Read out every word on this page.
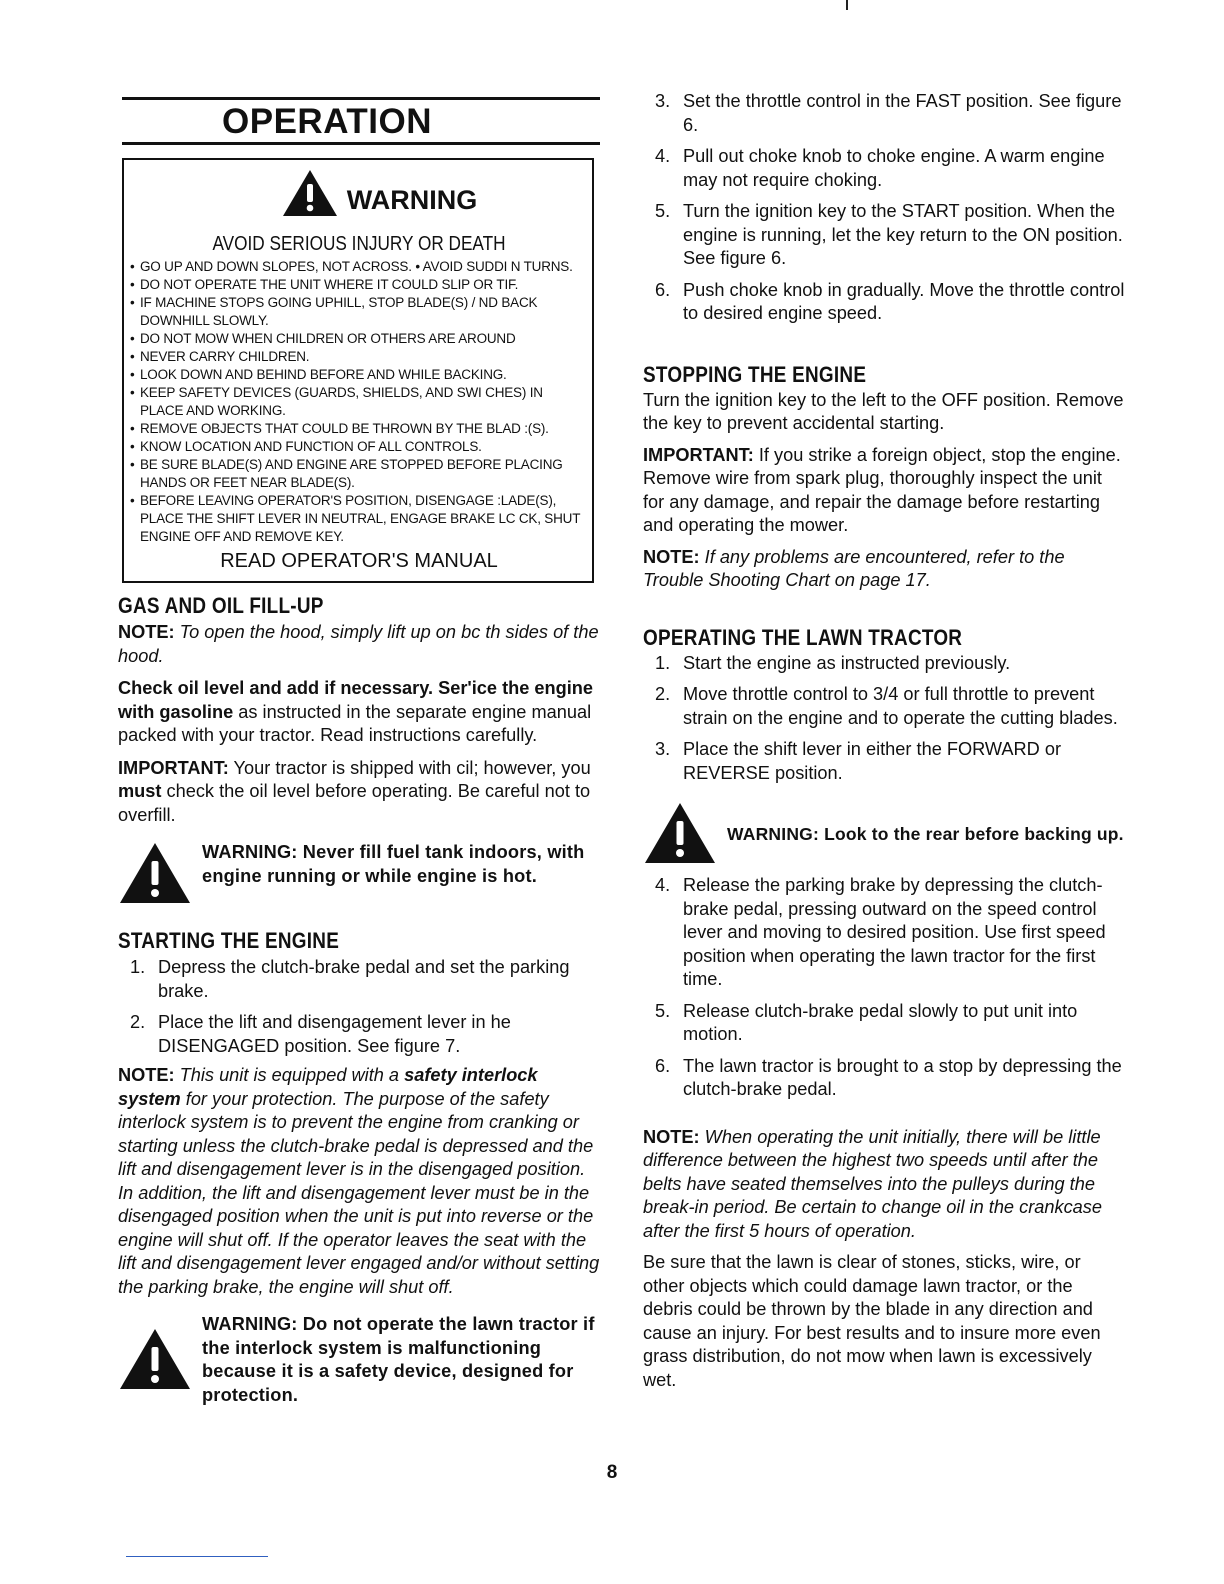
OPERATION
WARNING
AVOID SERIOUS INJURY OR DEATH
• GO UP AND DOWN SLOPES, NOT ACROSS. • AVOID SUDDI N TURNS.
• DO NOT OPERATE THE UNIT WHERE IT COULD SLIP OR TIF.
• IF MACHINE STOPS GOING UPHILL, STOP BLADE(S) / ND BACK DOWNHILL SLOWLY.
• DO NOT MOW WHEN CHILDREN OR OTHERS ARE AROUND
• NEVER CARRY CHILDREN.
• LOOK DOWN AND BEHIND BEFORE AND WHILE BACKING.
• KEEP SAFETY DEVICES (GUARDS, SHIELDS, AND SWI CHES) IN PLACE AND WORKING.
• REMOVE OBJECTS THAT COULD BE THROWN BY THE BLAD :(S).
• KNOW LOCATION AND FUNCTION OF ALL CONTROLS.
• BE SURE BLADE(S) AND ENGINE ARE STOPPED BEFORE PLACING HANDS OR FEET NEAR BLADE(S).
• BEFORE LEAVING OPERATOR'S POSITION, DISENGAGE :LADE(S), PLACE THE SHIFT LEVER IN NEUTRAL, ENGAGE BRAKE LC CK, SHUT ENGINE OFF AND REMOVE KEY.
READ OPERATOR'S MANUAL
GAS AND OIL FILL-UP

NOTE: To open the hood, simply lift up on bc th sides of the hood.

Check oil level and add if necessary. Ser'ice the engine with gasoline as instructed in the separate engine manual packed with your tractor. Read instructions carefully.

IMPORTANT: Your tractor is shipped with cil; however, you must check the oil level before operating. Be careful not to overfill.

WARNING: Never fill fuel tank indoors, with engine running or while engine is hot.
STARTING THE ENGINE
1. Depress the clutch-brake pedal and set the parking brake.
2. Place the lift and disengagement lever in he DISENGAGED position. See figure 7.

NOTE: This unit is equipped with a safety interlock system for your protection. The purpose of the safety interlock system is to prevent the engine from cranking or starting unless the clutch-brake pedal is depressed and the lift and disengagement lever is in the disengaged position. In addition, the lift and disengagement lever must be in the disengaged position when the unit is put into reverse or the engine will shut off. If the operator leaves the seat with the lift and disengagement lever engaged and/or without setting the parking brake, the engine will shut off.

WARNING: Do not operate the lawn tractor if the interlock system is malfunctioning because it is a safety device, designed for protection.
3. Set the throttle control in the FAST position. See figure 6.
4. Pull out choke knob to choke engine. A warm engine may not require choking.
5. Turn the ignition key to the START position. When the engine is running, let the key return to the ON position. See figure 6.
6. Push choke knob in gradually. Move the throttle control to desired engine speed.
STOPPING THE ENGINE

Turn the ignition key to the left to the OFF position. Remove the key to prevent accidental starting.

IMPORTANT: If you strike a foreign object, stop the engine. Remove wire from spark plug, thoroughly inspect the unit for any damage, and repair the damage before restarting and operating the mower.

NOTE: If any problems are encountered, refer to the Trouble Shooting Chart on page 17.

OPERATING THE LAWN TRACTOR
1. Start the engine as instructed previously.
2. Move throttle control to 3/4 or full throttle to prevent strain on the engine and to operate the cutting blades.
3. Place the shift lever in either the FORWARD or REVERSE position.
WARNING: Look to the rear before backing up.
4. Release the parking brake by depressing the clutch-brake pedal, pressing outward on the speed control lever and moving to desired position. Use first speed position when operating the lawn tractor for the first time.
5. Release clutch-brake pedal slowly to put unit into motion.
6. The lawn tractor is brought to a stop by depressing the clutch-brake pedal.

NOTE: When operating the unit initially, there will be little difference between the highest two speeds until after the belts have seated themselves into the pulleys during the break-in period. Be certain to change oil in the crankcase after the first 5 hours of operation.

Be sure that the lawn is clear of stones, sticks, wire, or other objects which could damage lawn tractor, or the debris could be thrown by the blade in any direction and cause an injury. For best results and to insure more even grass distribution, do not mow when lawn is excessively wet.

8
